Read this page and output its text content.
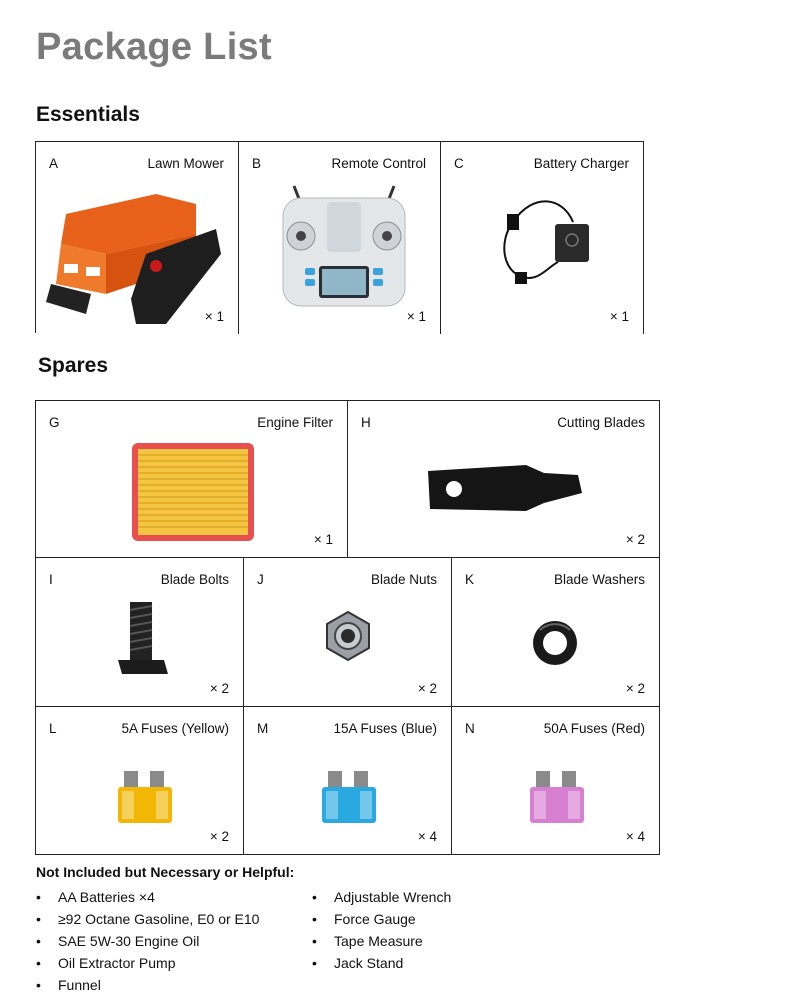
Package List
Essentials
A	Lawn Mower
× 1
B	Remote Control
× 1
C	Battery Charger
× 1
Spares
G	Engine Filter
× 1
H	Cutting Blades
× 2
I	Blade Bolts
× 2
J	Blade Nuts
× 2
K	Blade Washers
× 2
L	5A Fuses (Yellow)
× 2
M	15A Fuses (Blue)
× 4
N	50A Fuses (Red)
× 4
Not Included but Necessary or Helpful:
• AA Batteries ×4
• ≥92 Octane Gasoline, E0 or E10
• SAE 5W-30 Engine Oil
• Oil Extractor Pump
• Funnel
• Adjustable Wrench
• Force Gauge
• Tape Measure
• Jack Stand
